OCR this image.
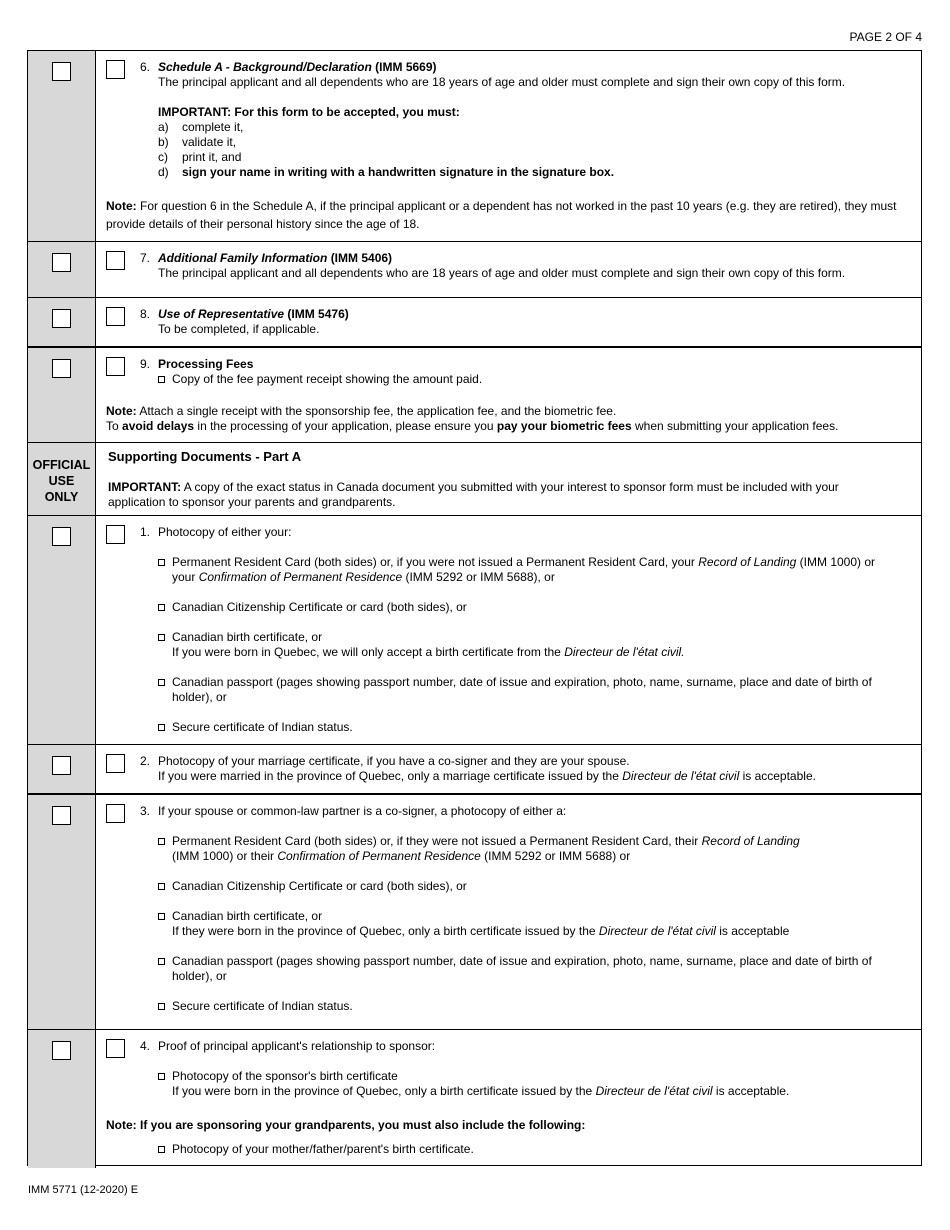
PAGE 2 OF 4
6. Schedule A - Background/Declaration (IMM 5669)
The principal applicant and all dependents who are 18 years of age and older must complete and sign their own copy of this form.
IMPORTANT: For this form to be accepted, you must:
a)	complete it,
b)	validate it,
c)	print it, and
d)	sign your name in writing with a handwritten signature in the signature box.
Note: For question 6 in the Schedule A, if the principal applicant or a dependent has not worked in the past 10 years (e.g. they are retired), they must provide details of their personal history since the age of 18.
7. Additional Family Information (IMM 5406)
The principal applicant and all dependents who are 18 years of age and older must complete and sign their own copy of this form.
8. Use of Representative (IMM 5476)
To be completed, if applicable.
9. Processing Fees
Copy of the fee payment receipt showing the amount paid.
Note: Attach a single receipt with the sponsorship fee, the application fee, and the biometric fee.
To avoid delays in the processing of your application, please ensure you pay your biometric fees when submitting your application fees.
OFFICIAL
USE
ONLY
Supporting Documents - Part A
IMPORTANT: A copy of the exact status in Canada document you submitted with your interest to sponsor form must be included with your
application to sponsor your parents and grandparents.
1. Photocopy of either your:
Permanent Resident Card (both sides) or, if you were not issued a Permanent Resident Card, your Record of Landing (IMM 1000) or
your Confirmation of Permanent Residence (IMM 5292 or IMM 5688), or
Canadian Citizenship Certificate or card (both sides), or
Canadian birth certificate, or
If you were born in Quebec, we will only accept a birth certificate from the Directeur de l'état civil.
Canadian passport (pages showing passport number, date of issue and expiration, photo, name, surname, place and date of birth of
holder), or
Secure certificate of Indian status.
2. Photocopy of your marriage certificate, if you have a co-signer and they are your spouse.
If you were married in the province of Quebec, only a marriage certificate issued by the Directeur de l'état civil is acceptable.
3. If your spouse or common-law partner is a co-signer, a photocopy of either a:
Permanent Resident Card (both sides) or, if they were not issued a Permanent Resident Card, their Record of Landing
(IMM 1000) or their Confirmation of Permanent Residence (IMM 5292 or IMM 5688) or
Canadian Citizenship Certificate or card (both sides), or
Canadian birth certificate, or
If they were born in the province of Quebec, only a birth certificate issued by the Directeur de l'état civil is acceptable
Canadian passport (pages showing passport number, date of issue and expiration, photo, name, surname, place and date of birth of
holder), or
Secure certificate of Indian status.
4. Proof of principal applicant's relationship to sponsor:
Photocopy of the sponsor's birth certificate
If you were born in the province of Quebec, only a birth certificate issued by the Directeur de l'état civil is acceptable.
Note: If you are sponsoring your grandparents, you must also include the following:
Photocopy of your mother/father/parent's birth certificate.
IMM 5771 (12-2020) E
